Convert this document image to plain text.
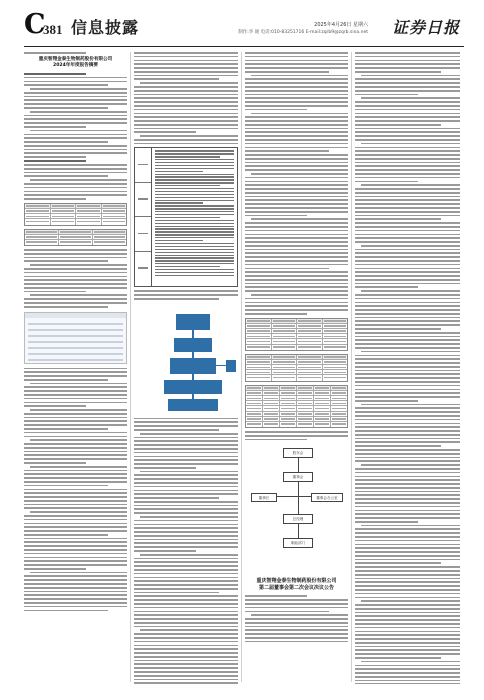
C
381 信息披露	2025年4月26日 星期六
制作:李 媛 电话:010-83251716 E-mail:zqrb9@zqrb.sina.net 证券日报
重庆智翔金泰生物制药股份有限公司
2024年年度报告摘要
股东会
董事会
董事长	董事会办公室
总经理
职能部门
重庆智翔金泰生物制药股份有限公司
第二届董事会第二次会议决议公告
